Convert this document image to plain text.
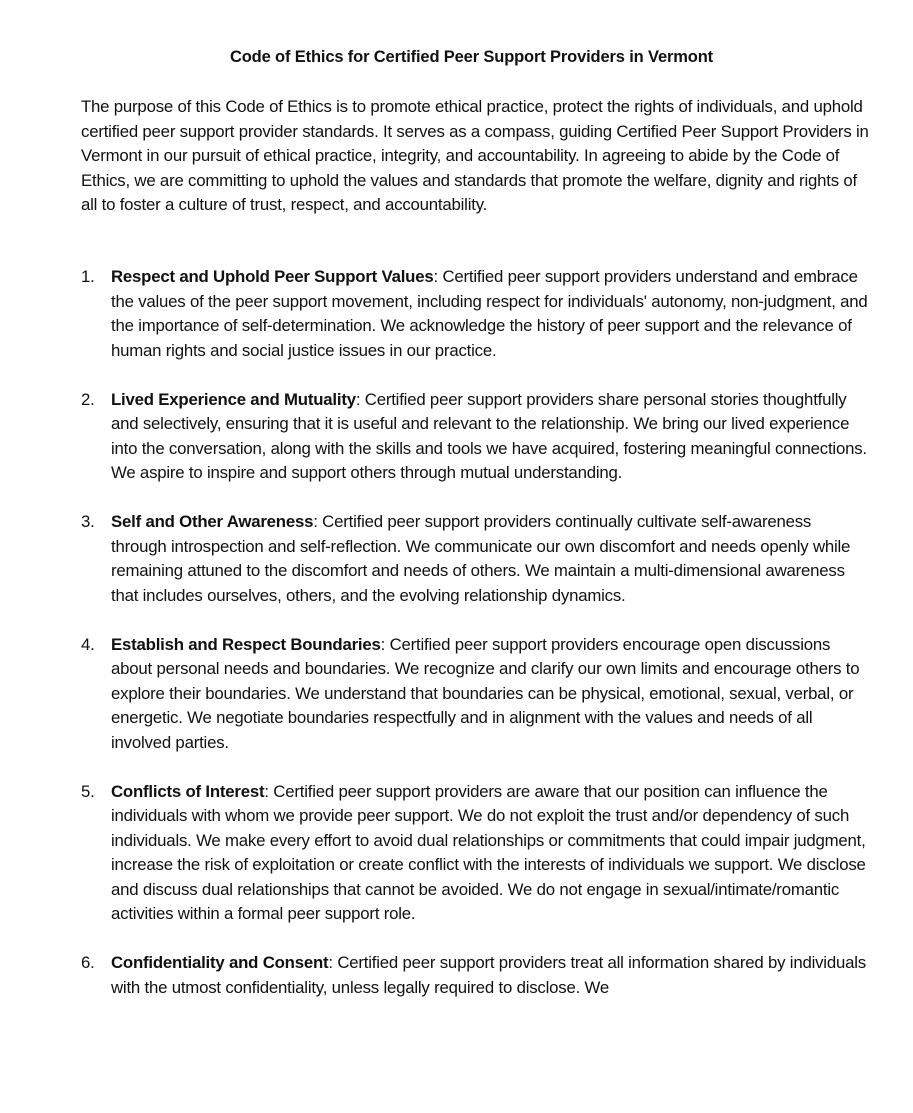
Code of Ethics for Certified Peer Support Providers in Vermont

The purpose of this Code of Ethics is to promote ethical practice, protect the rights of individuals, and uphold certified peer support provider standards. It serves as a compass, guiding Certified Peer Support Providers in Vermont in our pursuit of ethical practice, integrity, and accountability. In agreeing to abide by the Code of Ethics, we are committing to uphold the values and standards that promote the welfare, dignity and rights of all to foster a culture of trust, respect, and accountability.

1. Respect and Uphold Peer Support Values: Certified peer support providers understand and embrace the values of the peer support movement, including respect for individuals' autonomy, non-judgment, and the importance of self-determination. We acknowledge the history of peer support and the relevance of human rights and social justice issues in our practice.
2. Lived Experience and Mutuality: Certified peer support providers share personal stories thoughtfully and selectively, ensuring that it is useful and relevant to the relationship. We bring our lived experience into the conversation, along with the skills and tools we have acquired, fostering meaningful connections. We aspire to inspire and support others through mutual understanding.
3. Self and Other Awareness: Certified peer support providers continually cultivate self-awareness through introspection and self-reflection. We communicate our own discomfort and needs openly while remaining attuned to the discomfort and needs of others. We maintain a multi-dimensional awareness that includes ourselves, others, and the evolving relationship dynamics.
4. Establish and Respect Boundaries: Certified peer support providers encourage open discussions about personal needs and boundaries. We recognize and clarify our own limits and encourage others to explore their boundaries. We understand that boundaries can be physical, emotional, sexual, verbal, or energetic. We negotiate boundaries respectfully and in alignment with the values and needs of all involved parties.
5. Conflicts of Interest: Certified peer support providers are aware that our position can influence the individuals with whom we provide peer support. We do not exploit the trust and/or dependency of such individuals. We make every effort to avoid dual relationships or commitments that could impair judgment, increase the risk of exploitation or create conflict with the interests of individuals we support. We disclose and discuss dual relationships that cannot be avoided. We do not engage in sexual/intimate/romantic activities within a formal peer support role.
6. Confidentiality and Consent: Certified peer support providers treat all information shared by individuals with the utmost confidentiality, unless legally required to disclose. We
